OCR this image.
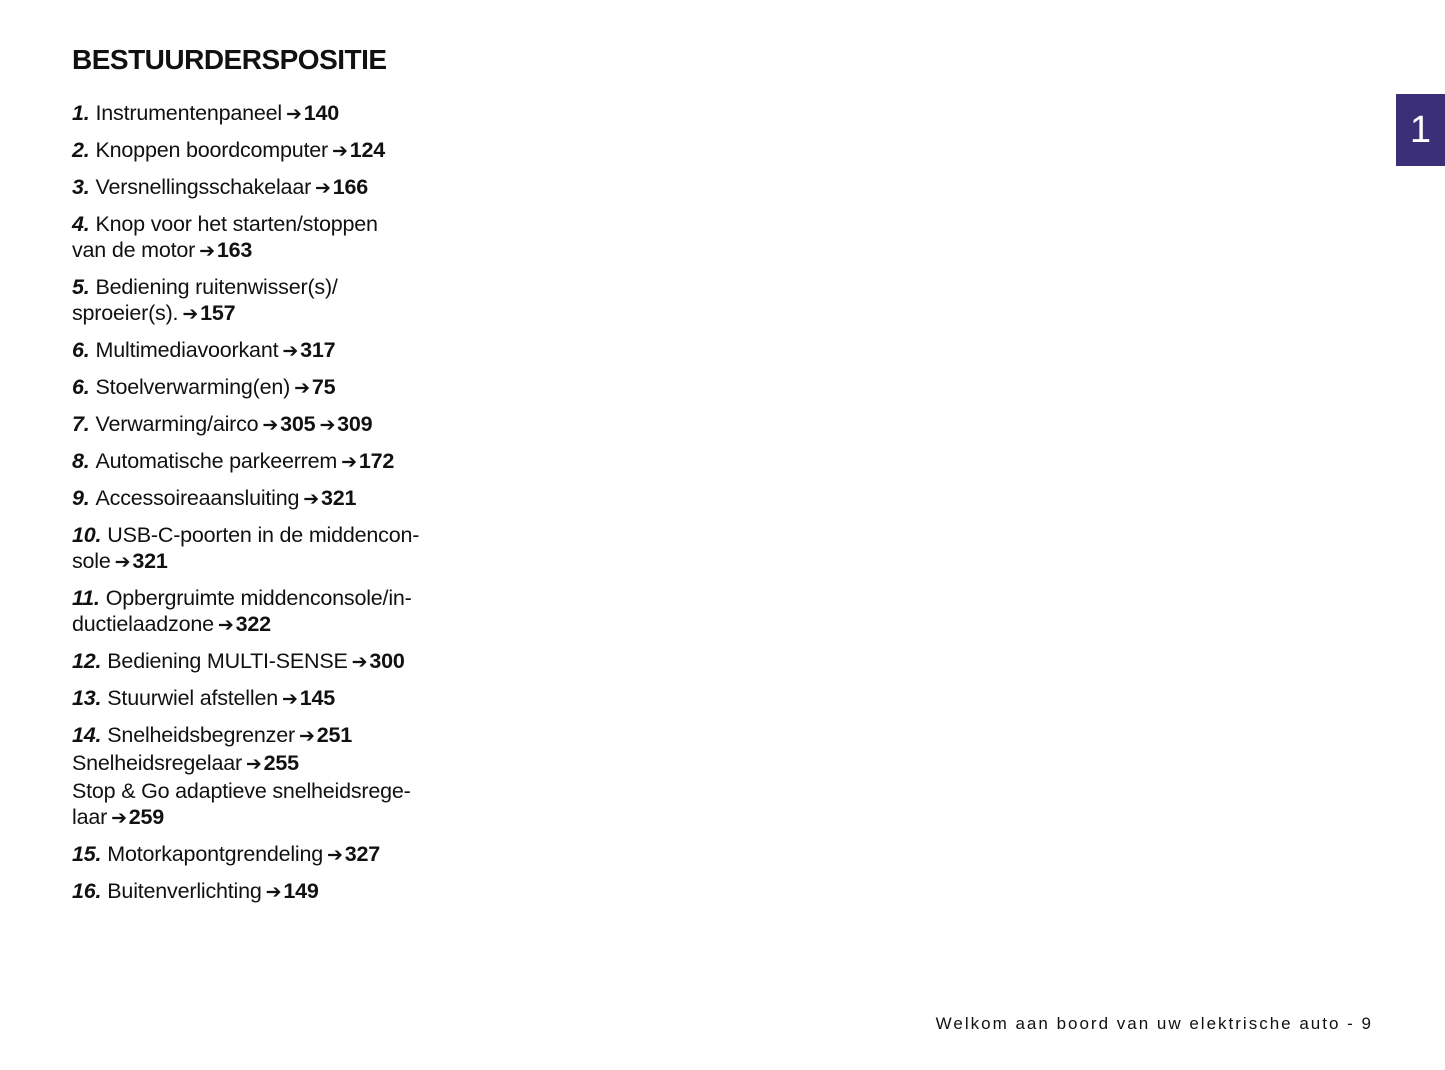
BESTUURDERSPOSITIE
1
1. Instrumentenpaneel ➔140
2. Knoppen boordcomputer ➔124
3. Versnellingsschakelaar ➔166
4. Knop voor het starten/stoppen
van de motor ➔163
5. Bediening ruitenwisser(s)/
sproeier(s). ➔157
6. Multimediavoorkant ➔317
6. Stoelverwarming(en) ➔75
7. Verwarming/airco ➔305 ➔309
8. Automatische parkeerrem ➔172
9. Accessoireaansluiting ➔321
10. USB-C-poorten in de middencon-
sole ➔321
11. Opbergruimte middenconsole/in-
ductielaadzone ➔322
12. Bediening MULTI-SENSE ➔300
13. Stuurwiel afstellen ➔145
14. Snelheidsbegrenzer ➔251
Snelheidsregelaar ➔255
Stop & Go adaptieve snelheidsrege-
laar ➔259
15. Motorkapontgrendeling ➔327
16. Buitenverlichting ➔149
Welkom aan boord van uw elektrische auto - 9
